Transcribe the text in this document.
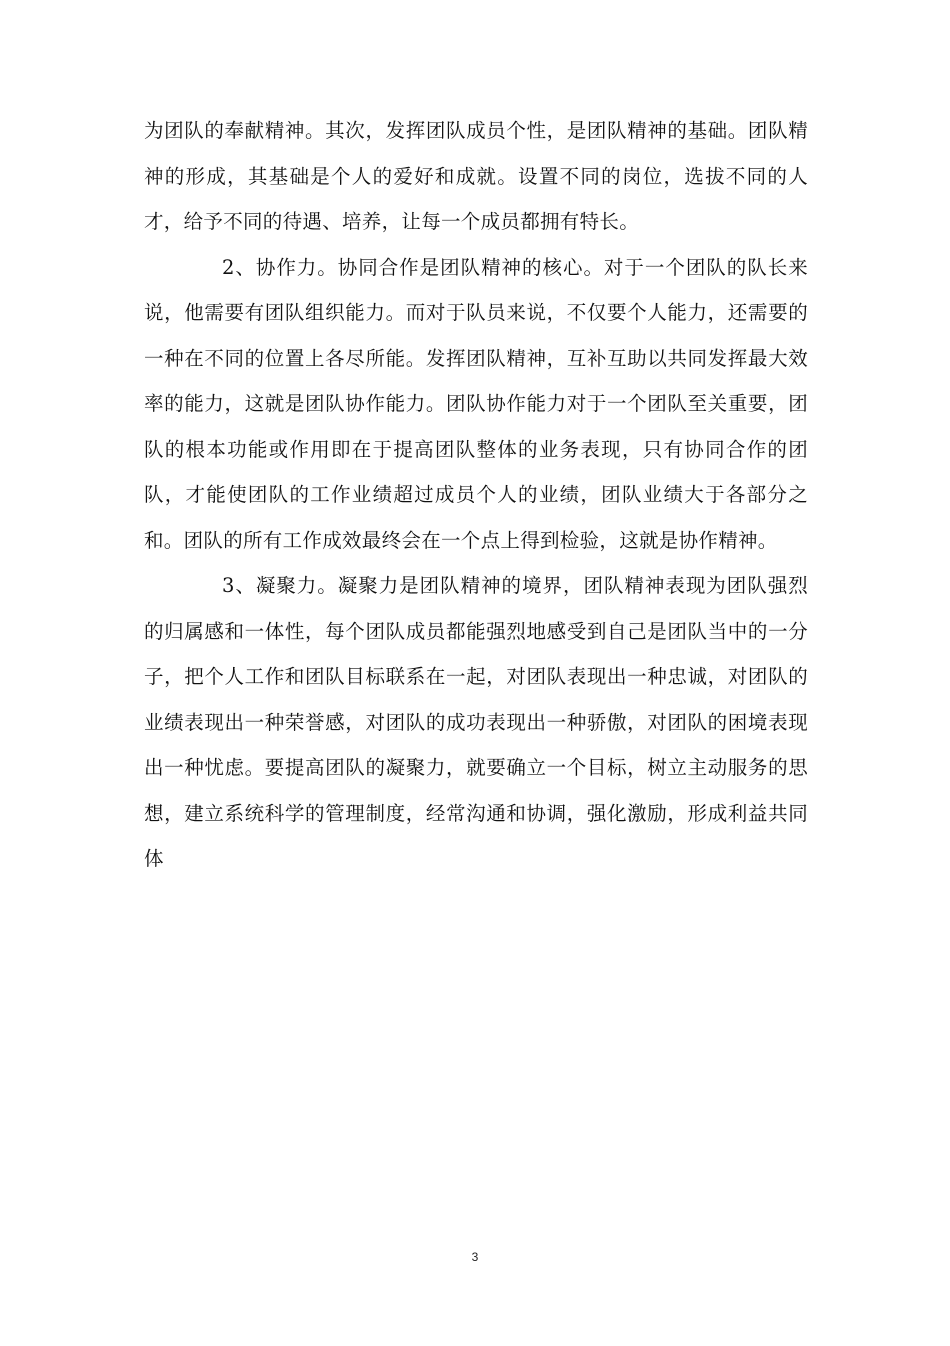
为团队的奉献精神。其次，发挥团队成员个性，是团队精神的基础。团队精神的形成，其基础是个人的爱好和成就。设置不同的岗位，选拔不同的人才，给予不同的待遇、培养，让每一个成员都拥有特长。

2、协作力。协同合作是团队精神的核心。对于一个团队的队长来说，他需要有团队组织能力。而对于队员来说，不仅要个人能力，还需要的一种在不同的位置上各尽所能。发挥团队精神，互补互助以共同发挥最大效率的能力，这就是团队协作能力。团队协作能力对于一个团队至关重要，团队的根本功能或作用即在于提高团队整体的业务表现，只有协同合作的团队，才能使团队的工作业绩超过成员个人的业绩，团队业绩大于各部分之和。团队的所有工作成效最终会在一个点上得到检验，这就是协作精神。

3、凝聚力。凝聚力是团队精神的境界，团队精神表现为团队强烈的归属感和一体性，每个团队成员都能强烈地感受到自己是团队当中的一分子，把个人工作和团队目标联系在一起，对团队表现出一种忠诚，对团队的业绩表现出一种荣誉感，对团队的成功表现出一种骄傲，对团队的困境表现出一种忧虑。要提高团队的凝聚力，就要确立一个目标，树立主动服务的思想，建立系统科学的管理制度，经常沟通和协调，强化激励，形成利益共同体

3
